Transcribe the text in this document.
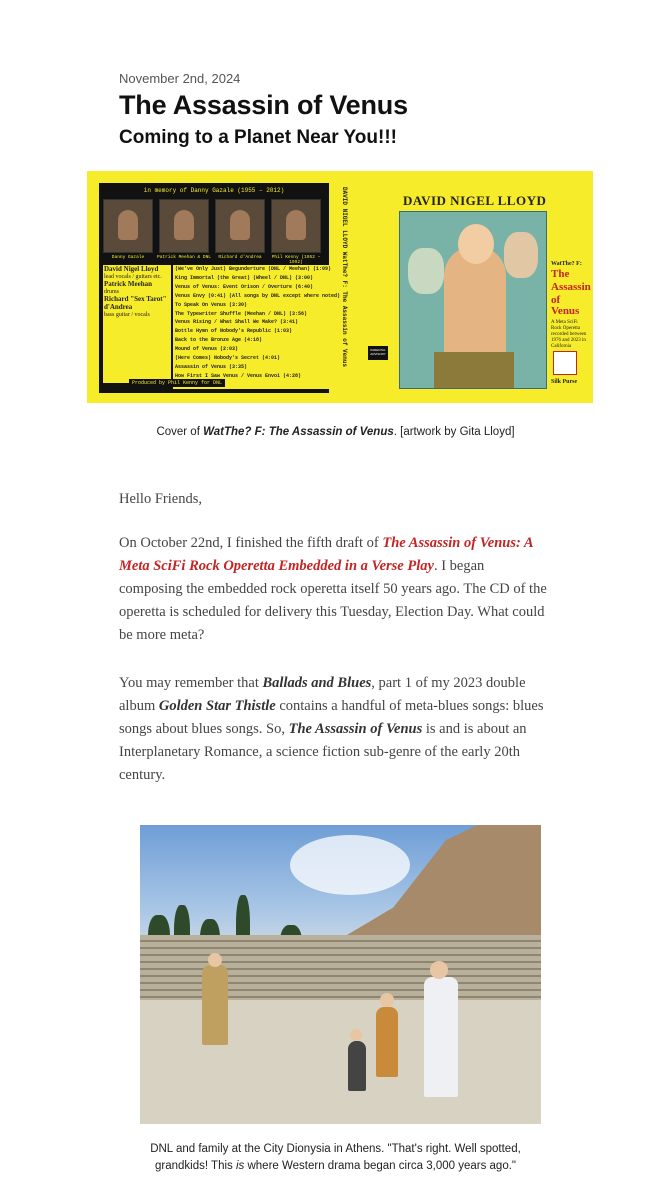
November 2nd, 2024
The Assassin of Venus
Coming to a Planet Near You!!!
in memory of Danny Gazale (1955 – 2012)
Danny Gazale	Patrick Meehan & DNL	Richard d'Andrea	Phil Kenny (1952 – 1992)
David Nigel Lloyd
lead vocals / guitars etc.
Patrick Meehan
drums
Richard "Sex Tarot" d'Andrea
bass guitar / vocals
(We've Only Just) Begunderture (DNL / Meehan) (1:09)
King Immortal (the Great) (Wheel / DNL) (3:00)
Venus of Venus: Event Orison / Overture (6:40)
Venus Envy (0:41) (All songs by DNL except where noted)
To Speak On Venus (3:30)
The Typewriter Shuffle (Meehan / DNL) (3:56)
Venus Rising / What Shall We Make? (3:41)
Bottle Hymn of Nobody's Republic (1:03)
Back to the Bronze Age (4:18)
Mound of Venus (2:03)
(Here Comes) Nobody's Secret (4:01)
Assassin of Venus (3:35)
How First I Saw Venus / Venus Envoi (4:28)
Produced by Phil Kenny for DNL
DAVID NIGEL LLOYD WatThe? F: The Assassin of Venus	PARENTAL ADVISORY
DAVID NIGEL LLOYD
WatThe? F:
The
Assassin
of Venus
A Meta SciFi Rock Operetta recorded between 1976 and 2023 in California
Silk Purse
Cover of WatThe? F: The Assassin of Venus. [artwork by Gita Lloyd]

Hello Friends,

On October 22nd, I finished the fifth draft of The Assassin of Venus: A Meta SciFi Rock Operetta Embedded in a Verse Play. I began composing the embedded rock operetta itself 50 years ago. The CD of the operetta is scheduled for delivery this Tuesday, Election Day. What could be more meta?

You may remember that Ballads and Blues, part 1 of my 2023 double album Golden Star Thistle contains a handful of meta-blues songs: blues songs about blues songs. So, The Assassin of Venus is and is about an Interplanetary Romance, a science fiction sub-genre of the early 20th century.

DNL and family at the City Dionysia in Athens. "That's right. Well spotted,
grandkids! This is where Western drama began circa 3,000 years ago."
